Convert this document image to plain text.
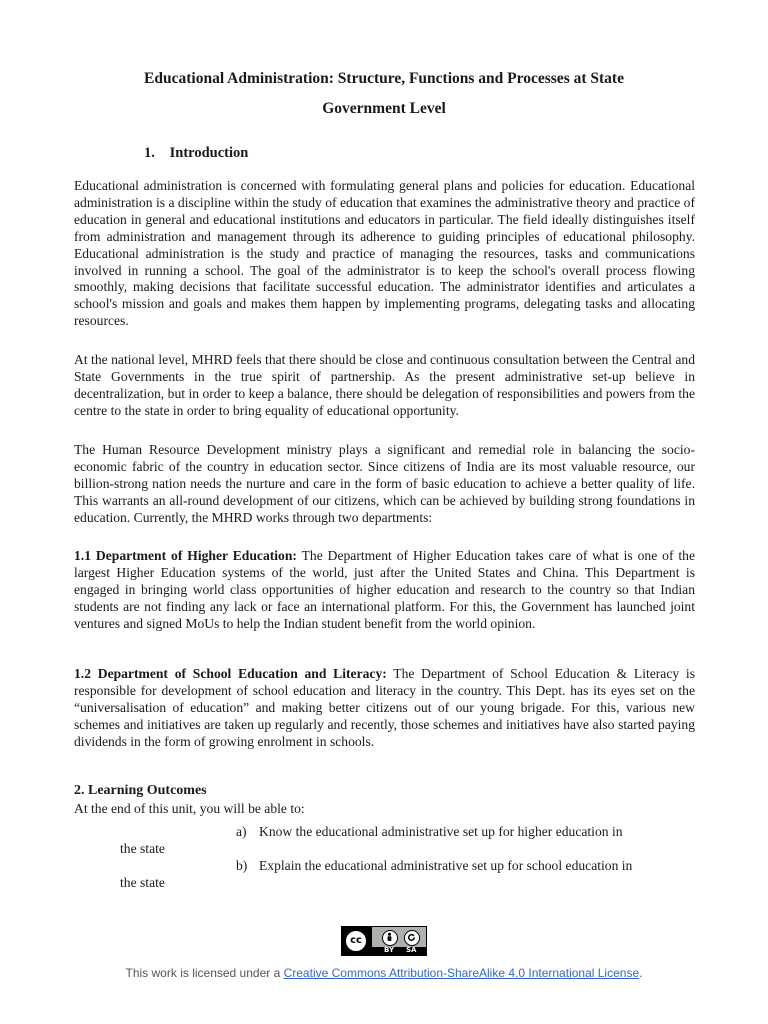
Educational Administration: Structure, Functions and Processes at State
Government Level
1. Introduction

Educational administration is concerned with formulating general plans and policies for education. Educational administration is a discipline within the study of education that examines the administrative theory and practice of education in general and educational institutions and educators in particular. The field ideally distinguishes itself from administration and management through its adherence to guiding principles of educational philosophy. Educational administration is the study and practice of managing the resources, tasks and communications involved in running a school. The goal of the administrator is to keep the school's overall process flowing smoothly, making decisions that facilitate successful education. The administrator identifies and articulates a school's mission and goals and makes them happen by implementing programs, delegating tasks and allocating resources.

At the national level, MHRD feels that there should be close and continuous consultation between the Central and State Governments in the true spirit of partnership. As the present administrative set-up believe in decentralization, but in order to keep a balance, there should be delegation of responsibilities and powers from the centre to the state in order to bring equality of educational opportunity.

The Human Resource Development ministry plays a significant and remedial role in balancing the socio-economic fabric of the country in education sector. Since citizens of India are its most valuable resource, our billion-strong nation needs the nurture and care in the form of basic education to achieve a better quality of life. This warrants an all-round development of our citizens, which can be achieved by building strong foundations in education. Currently, the MHRD works through two departments:

1.1 Department of Higher Education: The Department of Higher Education takes care of what is one of the largest Higher Education systems of the world, just after the United States and China. This Department is engaged in bringing world class opportunities of higher education and research to the country so that Indian students are not finding any lack or face an international platform. For this, the Government has launched joint ventures and signed MoUs to help the Indian student benefit from the world opinion.

1.2 Department of School Education and Literacy: The Department of School Education & Literacy is responsible for development of school education and literacy in the country. This Dept. has its eyes set on the “universalisation of education” and making better citizens out of our young brigade. For this, various new schemes and initiatives are taken up regularly and recently, those schemes and initiatives have also started paying dividends in the form of growing enrolment in schools.

2. Learning Outcomes
At the end of this unit, you will be able to:
a) Know the educational administrative set up for higher education in
the state
b) Explain the educational administrative set up for school education in
the state
cc
BY SA
This work is licensed under a Creative Commons Attribution-ShareAlike 4.0 International License.
